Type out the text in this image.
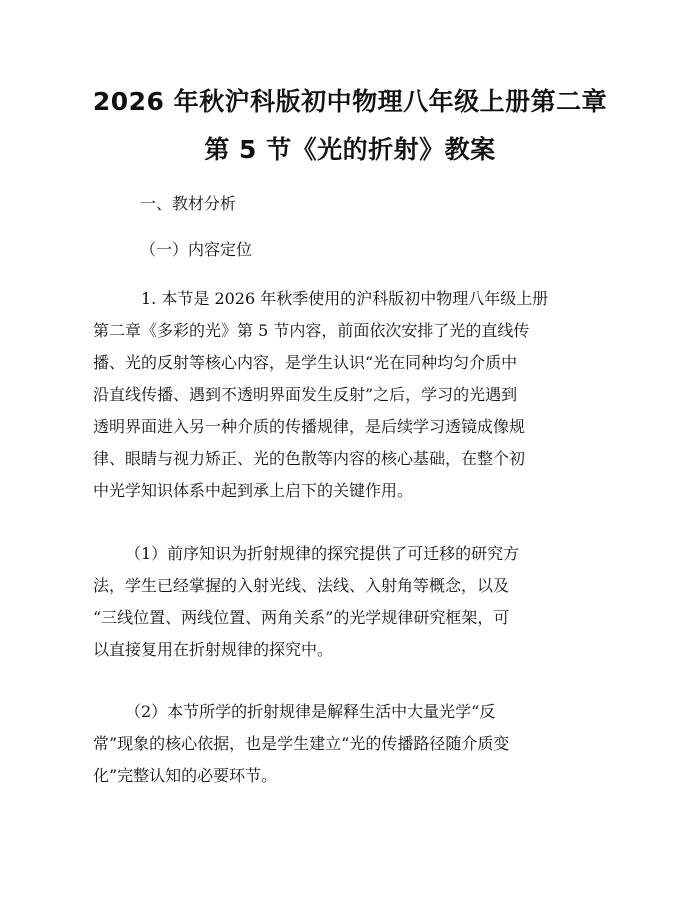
2026 年秋沪科版初中物理八年级上册第二章
第 5 节《光的折射》教案
一、教材分析
（一）内容定位
1. 本节是 2026 年秋季使用的沪科版初中物理八年级上册
第二章《多彩的光》第 5 节内容，前面依次安排了光的直线传
播、光的反射等核心内容，是学生认识“光在同种均匀介质中
沿直线传播、遇到不透明界面发生反射”之后，学习的光遇到
透明界面进入另一种介质的传播规律，是后续学习透镜成像规
律、眼睛与视力矫正、光的色散等内容的核心基础，在整个初
中光学知识体系中起到承上启下的关键作用。
（1）前序知识为折射规律的探究提供了可迁移的研究方
法，学生已经掌握的入射光线、法线、入射角等概念，以及
“三线位置、两线位置、两角关系”的光学规律研究框架，可
以直接复用在折射规律的探究中。
（2）本节所学的折射规律是解释生活中大量光学“反
常”现象的核心依据，也是学生建立“光的传播路径随介质变
化”完整认知的必要环节。
